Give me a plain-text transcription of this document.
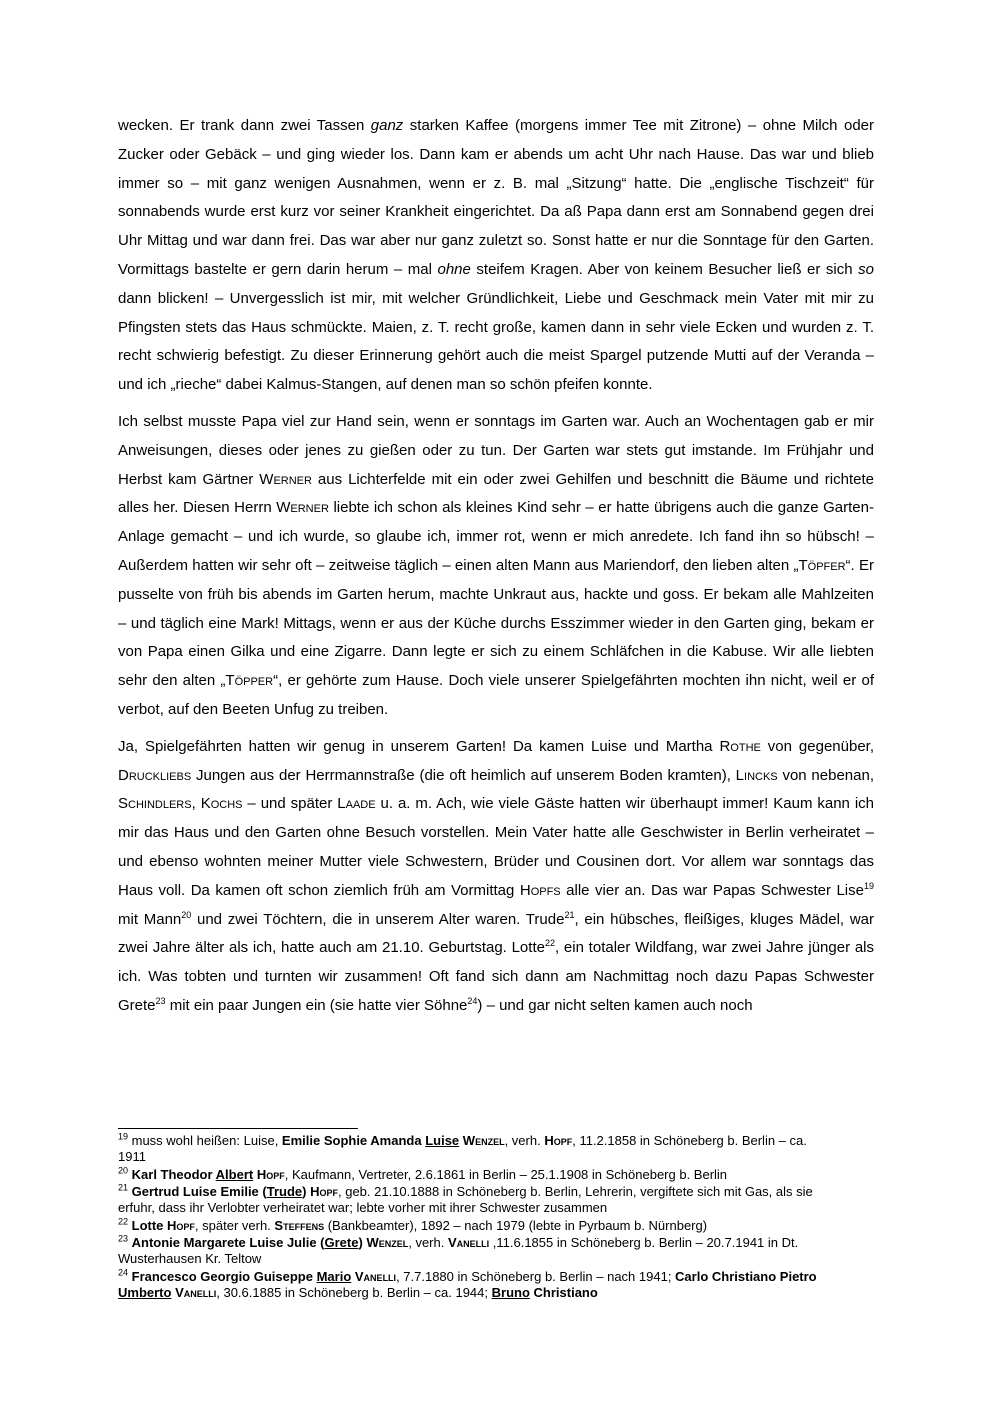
wecken. Er trank dann zwei Tassen ganz starken Kaffee (morgens immer Tee mit Zitrone) – ohne Milch oder Zucker oder Gebäck – und ging wieder los. Dann kam er abends um acht Uhr nach Hause. Das war und blieb immer so – mit ganz wenigen Ausnahmen, wenn er z. B. mal „Sitzung“ hatte. Die „englische Tischzeit“ für sonnabends wurde erst kurz vor seiner Krankheit eingerichtet. Da aß Papa dann erst am Sonnabend gegen drei Uhr Mittag und war dann frei. Das war aber nur ganz zuletzt so. Sonst hatte er nur die Sonntage für den Garten. Vormittags bastelte er gern darin herum – mal ohne steifem Kragen. Aber von keinem Besucher ließ er sich so dann blicken! – Unvergesslich ist mir, mit welcher Gründlichkeit, Liebe und Geschmack mein Vater mit mir zu Pfingsten stets das Haus schmückte. Maien, z. T. recht große, kamen dann in sehr viele Ecken und wurden z. T. recht schwierig befestigt. Zu dieser Erinnerung gehört auch die meist Spargel putzende Mutti auf der Veranda – und ich „rieche“ dabei Kalmus-Stangen, auf denen man so schön pfeifen konnte.

Ich selbst musste Papa viel zur Hand sein, wenn er sonntags im Garten war. Auch an Wochentagen gab er mir Anweisungen, dieses oder jenes zu gießen oder zu tun. Der Garten war stets gut imstande. Im Frühjahr und Herbst kam Gärtner Werner aus Lichterfelde mit ein oder zwei Gehilfen und beschnitt die Bäume und richtete alles her. Diesen Herrn Werner liebte ich schon als kleines Kind sehr – er hatte übrigens auch die ganze Garten-Anlage gemacht – und ich wurde, so glaube ich, immer rot, wenn er mich anredete. Ich fand ihn so hübsch! – Außerdem hatten wir sehr oft – zeitweise täglich – einen alten Mann aus Mariendorf, den lieben alten „Töpfer“. Er pusselte von früh bis abends im Garten herum, machte Unkraut aus, hackte und goss. Er bekam alle Mahlzeiten – und täglich eine Mark! Mittags, wenn er aus der Küche durchs Esszimmer wieder in den Garten ging, bekam er von Papa einen Gilka und eine Zigarre. Dann legte er sich zu einem Schläfchen in die Kabuse. Wir alle liebten sehr den alten „Töpper“, er gehörte zum Hause. Doch viele unserer Spielgefährten mochten ihn nicht, weil er of verbot, auf den Beeten Unfug zu treiben.

Ja, Spielgefährten hatten wir genug in unserem Garten! Da kamen Luise und Martha Rothe von gegenüber, Druckliebs Jungen aus der Herrmannstraße (die oft heimlich auf unserem Boden kramten), Lincks von nebenan, Schindlers, Kochs – und später Laade u. a. m. Ach, wie viele Gäste hatten wir überhaupt immer! Kaum kann ich mir das Haus und den Garten ohne Besuch vorstellen. Mein Vater hatte alle Geschwister in Berlin verheiratet – und ebenso wohnten meiner Mutter viele Schwestern, Brüder und Cousinen dort. Vor allem war sonntags das Haus voll. Da kamen oft schon ziemlich früh am Vormittag Hopfs alle vier an. Das war Papas Schwester Lise$^{19}$ mit Mann$^{20}$ und zwei Töchtern, die in unserem Alter waren. Trude$^{21}$, ein hübsches, fleißiges, kluges Mädel, war zwei Jahre älter als ich, hatte auch am 21.10. Geburtstag. Lotte$^{22}$, ein totaler Wildfang, war zwei Jahre jünger als ich. Was tobten und turnten wir zusammen! Oft fand sich dann am Nachmittag noch dazu Papas Schwester Grete$^{23}$ mit ein paar Jungen ein (sie hatte vier Söhne$^{24}$) – und gar nicht selten kamen auch noch

$^{19}$ muss wohl heißen: Luise, Emilie Sophie Amanda Luise Wenzel, verh. Hopf, 11.2.1858 in Schöneberg b. Berlin – ca. 1911
$^{20}$ Karl Theodor Albert Hopf, Kaufmann, Vertreter, 2.6.1861 in Berlin – 25.1.1908 in Schöneberg b. Berlin
$^{21}$ Gertrud Luise Emilie (Trude) Hopf, geb. 21.10.1888 in Schöneberg b. Berlin, Lehrerin, vergiftete sich mit Gas, als sie erfuhr, dass ihr Verlobter verheiratet war; lebte vorher mit ihrer Schwester zusammen
$^{22}$ Lotte Hopf, später verh. Steffens (Bankbeamter), 1892 – nach 1979 (lebte in Pyrbaum b. Nürnberg)
$^{23}$ Antonie Margarete Luise Julie (Grete) Wenzel, verh. Vanelli ,11.6.1855 in Schöneberg b. Berlin – 20.7.1941 in Dt. Wusterhausen Kr. Teltow
$^{24}$ Francesco Georgio Guiseppe Mario Vanelli, 7.7.1880 in Schöneberg b. Berlin – nach 1941; Carlo Christiano Pietro Umberto Vanelli, 30.6.1885 in Schöneberg b. Berlin – ca. 1944; Bruno Christiano
